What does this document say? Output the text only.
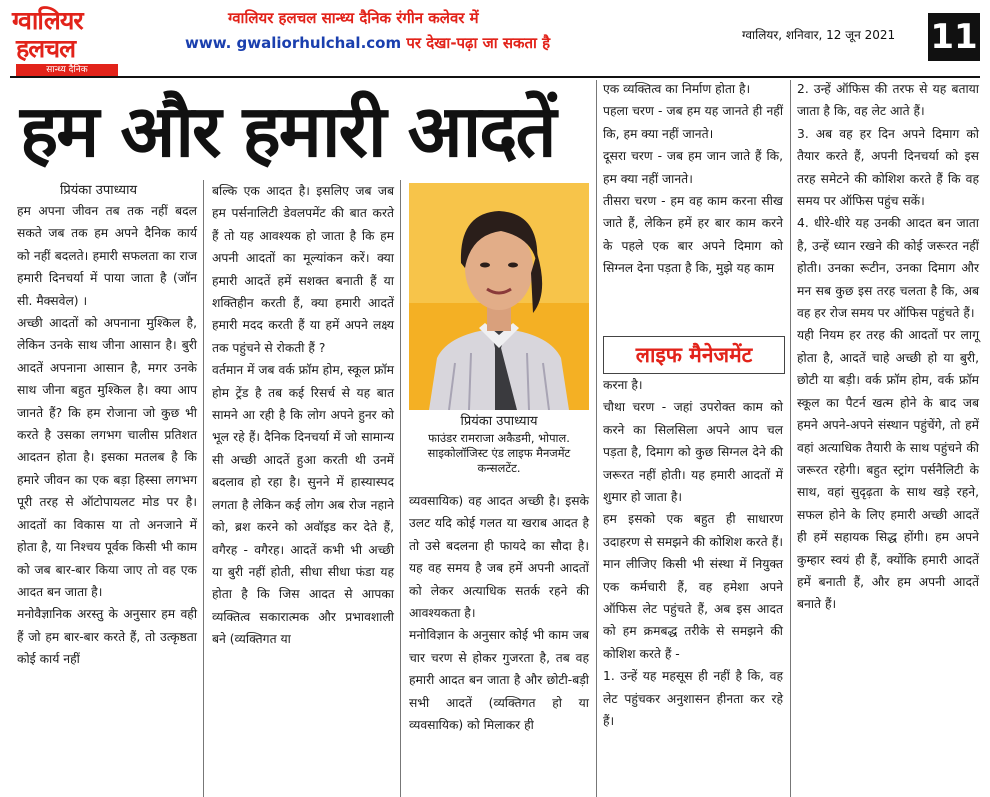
ग्वालियर
हलचल
सान्ध्य दैनिक
ग्वालियर हलचल सान्ध्य दैनिक रंगीन कलेवर में
www. gwaliorhulchal.com पर देखा-पढ़ा जा सकता है	ग्वालियर, शनिवार, 12 जून 2021 11
हम और हमारी आदतें
प्रियंका उपाध्याय

हम अपना जीवन तब तक नहीं बदल सकते जब तक हम अपने दैनिक कार्य को नहीं बदलते। हमारी सफलता का राज हमारी दिनचर्या में पाया जाता है (जॉन सी. मैक्सवेल) ।

अच्छी आदतों को अपनाना मुश्किल है, लेकिन उनके साथ जीना आसान है। बुरी आदतें अपनाना आसान है, मगर उनके साथ जीना बहुत मुश्किल है। क्या आप जानते हैं? कि हम रोजाना जो कुछ भी करते है उसका लगभग चालीस प्रतिशत आदतन होता है। इसका मतलब है कि हमारे जीवन का एक बड़ा हिस्सा लगभग पूरी तरह से ऑटोपायलट मोड पर है। आदतों का विकास या तो अनजाने में होता है, या निश्चय पूर्वक किसी भी काम को जब बार-बार किया जाए तो वह एक आदत बन जाता है।

मनोवैज्ञानिक अरस्तु के अनुसार हम वही हैं जो हम बार-बार करते हैं, तो उत्कृष्ठता कोई कार्य नहीं

बल्कि एक आदत है। इसलिए जब जब हम पर्सनालिटी डेवलपमेंट की बात करते हैं तो यह आवश्यक हो जाता है कि हम अपनी आदतों का मूल्यांकन करें। क्या हमारी आदतें हमें सशक्त बनाती हैं या शक्तिहीन करती हैं, क्या हमारी आदतें हमारी मदद करती हैं या हमें अपने लक्ष्य तक पहुंचने से रोकती हैं ?

वर्तमान में जब वर्क फ्रॉम होम, स्कूल फ्रॉम होम ट्रेंड है तब कई रिसर्च से यह बात सामने आ रही है कि लोग अपने हुनर को भूल रहे हैं। दैनिक दिनचर्या में जो सामान्य सी अच्छी आदतें हुआ करती थी उनमें बदलाव हो रहा है। सुनने में हास्यास्पद लगता है लेकिन कई लोग अब रोज नहाने को, ब्रश करने को अवॉइड कर देते हैं, वगैरह - वगैरह। आदतें कभी भी अच्छी या बुरी नहीं होती, सीधा सीधा फंडा यह होता है कि जिस आदत से आपका व्यक्तित्व सकारात्मक और प्रभावशाली बने (व्यक्तिगत या

प्रियंका उपाध्याय
फाउंडर रामराजा अकैडमी, भोपाल.
साइकोलॉजिस्ट एंड लाइफ मैनजमेंट कन्सलटेंट.

व्यवसायिक) वह आदत अच्छी है। इसके उलट यदि कोई गलत या खराब आदत है तो उसे बदलना ही फायदे का सौदा है। यह वह समय है जब हमें अपनी आदतों को लेकर अत्याधिक सतर्क रहने की आवश्यकता है।

मनोविज्ञान के अनुसार कोई भी काम जब चार चरण से होकर गुजरता है, तब वह हमारी आदत बन जाता है और छोटी-बड़ी सभी आदतें (व्यक्तिगत हो या व्यवसायिक) को मिलाकर ही

एक व्यक्तित्व का निर्माण होता है।

पहला चरण - जब हम यह जानते ही नहीं कि, हम क्या नहीं जानते।

दूसरा चरण - जब हम जान जाते हैं कि, हम क्या नहीं जानते।

तीसरा चरण - हम वह काम करना सीख जाते हैं, लेकिन हमें हर बार काम करने के पहले एक बार अपने दिमाग को सिग्नल देना पड़ता है कि, मुझे यह काम

लाइफ मैनेजमेंट

करना है।

चौथा चरण - जहां उपरोक्त काम को करने का सिलसिला अपने आप चल पड़ता है, दिमाग को कुछ सिग्नल देने की जरूरत नहीं होती। यह हमारी आदतों में शुमार हो जाता है।

हम इसको एक बहुत ही साधारण उदाहरण से समझने की कोशिश करते हैं। मान लीजिए किसी भी संस्था में नियुक्त एक कर्मचारी हैं, वह हमेशा अपने ऑफिस लेट पहुंचते हैं, अब इस आदत को हम क्रमबद्ध तरीके से समझने की कोशिश करते हैं -

1. उन्हें यह महसूस ही नहीं है कि, वह लेट पहुंचकर अनुशासन हीनता कर रहे हैं।

2. उन्हें ऑफिस की तरफ से यह बताया जाता है कि, वह लेट आते हैं।

3. अब वह हर दिन अपने दिमाग को तैयार करते हैं, अपनी दिनचर्या को इस तरह समेटने की कोशिश करते हैं कि वह समय पर ऑफिस पहुंच सकें।

4. धीरे-धीरे यह उनकी आदत बन जाता है, उन्हें ध्यान रखने की कोई जरूरत नहीं होती। उनका रूटीन, उनका दिमाग और मन सब कुछ इस तरह चलता है कि, अब वह हर रोज समय पर ऑफिस पहुंचते हैं।

यही नियम हर तरह की आदतों पर लागू होता है, आदतें चाहे अच्छी हो या बुरी, छोटी या बड़ी। वर्क फ्रॉम होम, वर्क फ्रॉम स्कूल का पैटर्न खत्म होने के बाद जब हमने अपने-अपने संस्थान पहुंचेंगे, तो हमें वहां अत्याधिक तैयारी के साथ पहुंचने की जरूरत रहेगी। बहुत स्ट्रांग पर्सनैलिटी के साथ, वहां सुदृढ़ता के साथ खड़े रहने, सफल होने के लिए हमारी अच्छी आदतें ही हमें सहायक सिद्ध होंगी। हम अपने कुम्हार स्वयं ही हैं, क्योंकि हमारी आदतें हमें बनाती हैं, और हम अपनी आदतें बनाते हैं।
